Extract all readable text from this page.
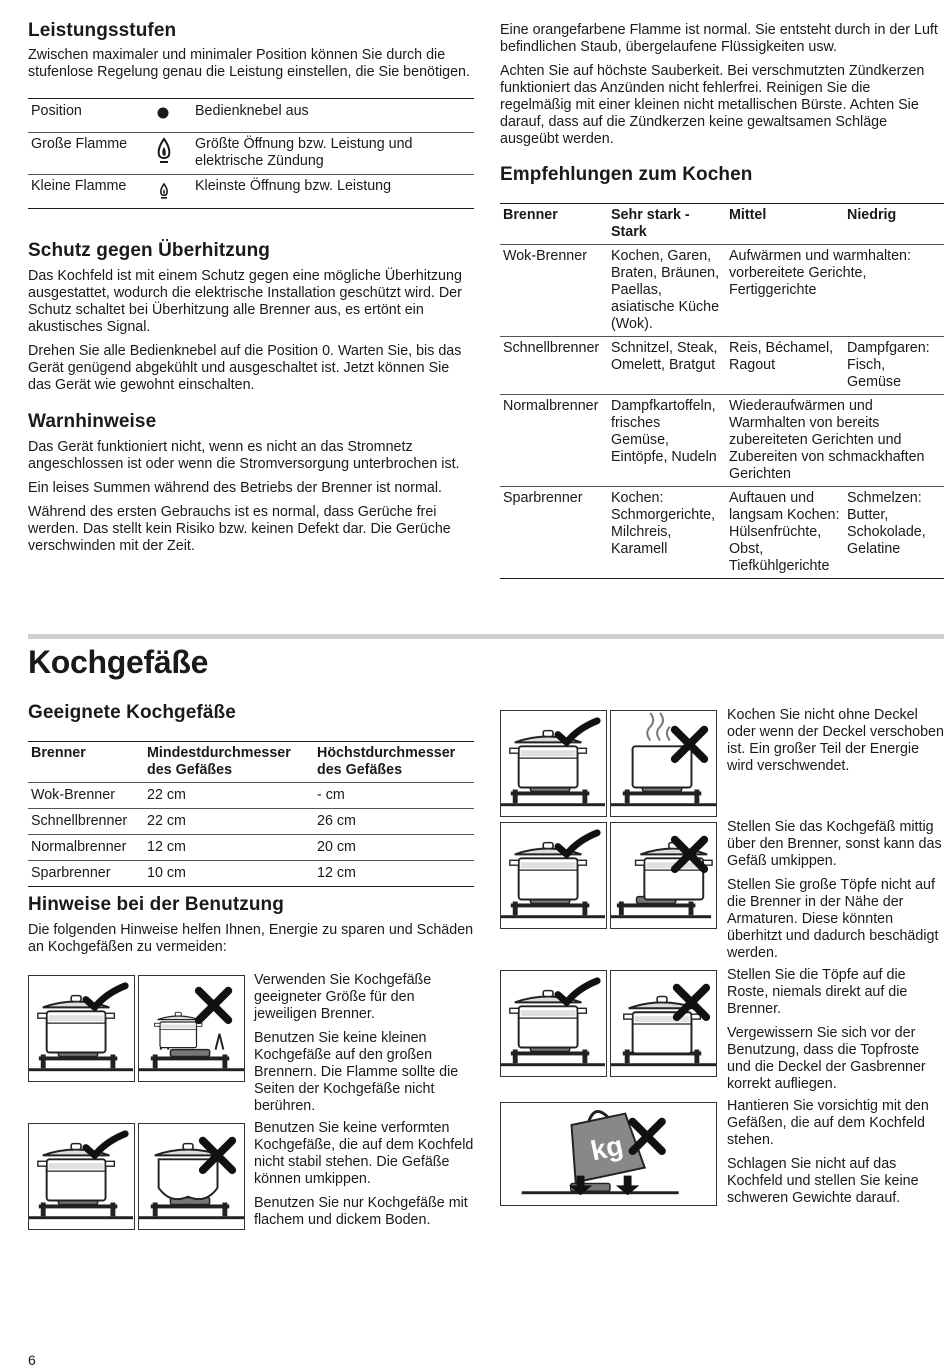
Leistungsstufen

Zwischen maximaler und minimaler Position können Sie durch die stufenlose Regelung genau die Leistung einstellen, die Sie benötigen.

Position		Bedienknebel aus
Große Flamme		Größte Öffnung bzw. Leistung und elektrische Zündung
Kleine Flamme		Kleinste Öffnung bzw. Leistung
Schutz gegen Überhitzung

Das Kochfeld ist mit einem Schutz gegen eine mögliche Überhitzung ausgestattet, wodurch die elektrische Installation geschützt wird. Der Schutz schaltet bei Überhitzung alle Brenner aus, es ertönt ein akustisches Signal.

Drehen Sie alle Bedienknebel auf die Position 0. Warten Sie, bis das Gerät genügend abgekühlt und ausgeschaltet ist. Jetzt können Sie das Gerät wie gewohnt einschalten.

Warnhinweise

Das Gerät funktioniert nicht, wenn es nicht an das Stromnetz angeschlossen ist oder wenn die Stromversorgung unterbrochen ist.

Ein leises Summen während des Betriebs der Brenner ist normal.

Während des ersten Gebrauchs ist es normal, dass Gerüche frei werden. Das stellt kein Risiko bzw. keinen Defekt dar. Die Gerüche verschwinden mit der Zeit.

Eine orangefarbene Flamme ist normal. Sie entsteht durch in der Luft befindlichen Staub, übergelaufene Flüssigkeiten usw.

Achten Sie auf höchste Sauberkeit. Bei verschmutzten Zündkerzen funktioniert das Anzünden nicht fehlerfrei. Reinigen Sie die regelmäßig mit einer kleinen nicht metallischen Bürste. Achten Sie darauf, dass auf die Zündkerzen keine gewaltsamen Schläge ausgeübt werden.

Empfehlungen zum Kochen
Brenner	Sehr stark - Stark	Mittel	Niedrig
Wok-Brenner	Kochen, Garen, Braten, Bräunen, Paellas, asiatische Küche (Wok).	Aufwärmen und warmhalten: vorbereitete Gerichte, Fertiggerichte	
Schnellbrenner	Schnitzel, Steak, Omelett, Bratgut	Reis, Béchamel, Ragout	Dampfgaren: Fisch, Gemüse
Normalbrenner	Dampfkartoffeln, frisches Gemüse, Eintöpfe, Nudeln	Wiederaufwärmen und Warmhalten von bereits zubereiteten Gerichten und Zubereiten von schmackhaften Gerichten	
Sparbrenner	Kochen: Schmorgerichte, Milchreis, Karamell	Auftauen und langsam Kochen: Hülsenfrüchte, Obst, Tiefkühlgerichte	Schmelzen: Butter, Schokolade, Gelatine
Kochgefäße
Geeignete Kochgefäße
Brenner	Mindestdurchmesser des Gefäßes	Höchstdurchmesser des Gefäßes
Wok-Brenner	22 cm	- cm
Schnellbrenner	22 cm	26 cm
Normalbrenner	12 cm	20 cm
Sparbrenner	10 cm	12 cm
Hinweise bei der Benutzung

Die folgenden Hinweise helfen Ihnen, Energie zu sparen und Schäden an Kochgefäßen zu vermeiden:

Verwenden Sie Kochgefäße geeigneter Größe für den jeweiligen Brenner.

Benutzen Sie keine kleinen Kochgefäße auf den großen Brennern. Die Flamme sollte die Seiten der Kochgefäße nicht berühren.

Benutzen Sie keine verformten Kochgefäße, die auf dem Kochfeld nicht stabil stehen. Die Gefäße können umkippen.

Benutzen Sie nur Kochgefäße mit flachem und dickem Boden.

Kochen Sie nicht ohne Deckel oder wenn der Deckel verschoben ist. Ein großer Teil der Energie wird verschwendet.

Stellen Sie das Kochgefäß mittig über den Brenner, sonst kann das Gefäß umkippen.

Stellen Sie große Töpfe nicht auf die Brenner in der Nähe der Armaturen. Diese könnten überhitzt und dadurch beschädigt werden.

Stellen Sie die Töpfe auf die Roste, niemals direkt auf die Brenner.

Vergewissern Sie sich vor der Benutzung, dass die Topfroste und die Deckel der Gasbrenner korrekt aufliegen.

kg

Hantieren Sie vorsichtig mit den Gefäßen, die auf dem Kochfeld stehen.

Schlagen Sie nicht auf das Kochfeld und stellen Sie keine schweren Gewichte darauf.

6
